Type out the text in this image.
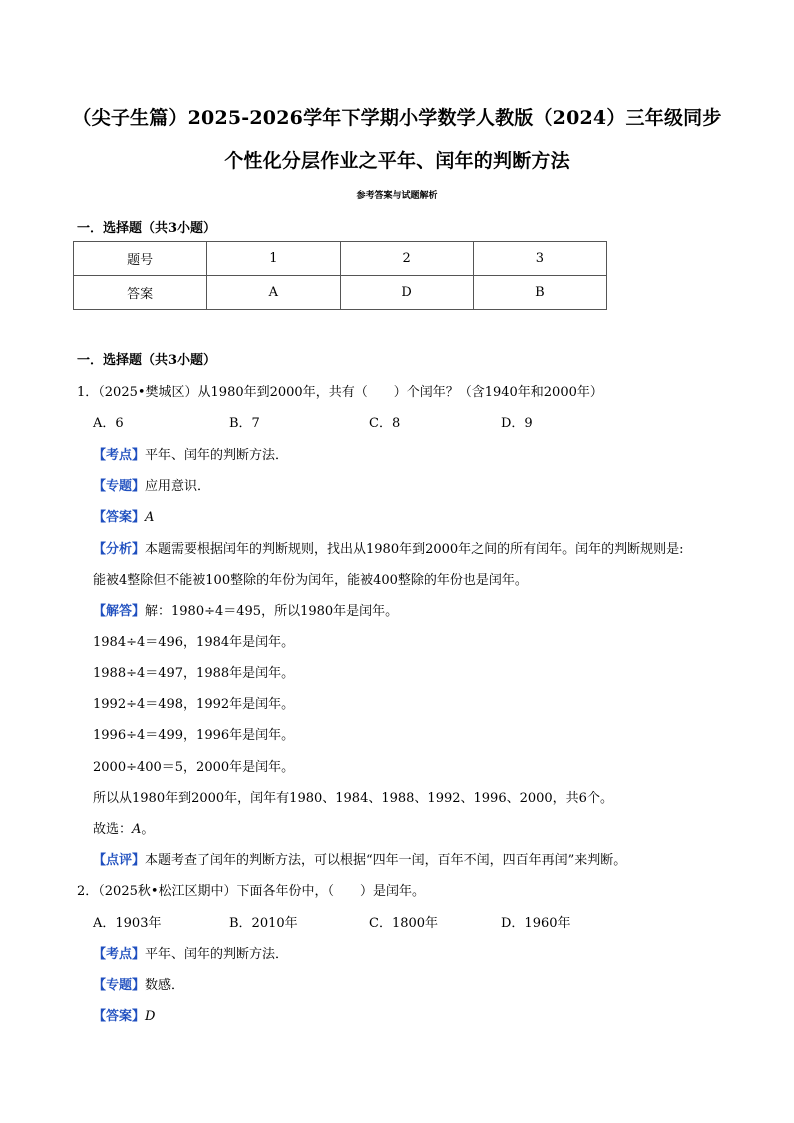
（尖子生篇）2025-2026学年下学期小学数学人教版（2024）三年级同步
个性化分层作业之平年、闰年的判断方法
参考答案与试题解析
一．选择题（共3小题）
题号	1	2	3
答案	A	D	B
一．选择题（共3小题）
1．（2025•樊城区）从1980年到2000年，共有（　　）个闰年？（含1940年和2000年）
A．6	B．7	C．8	D．9
【考点】平年、闰年的判断方法．
【专题】应用意识．
【答案】A
【分析】本题需要根据闰年的判断规则，找出从1980年到2000年之间的所有闰年。闰年的判断规则是:
能被4整除但不能被100整除的年份为闰年，能被400整除的年份也是闰年。
【解答】解：1980÷4＝495，所以1980年是闰年。
1984÷4＝496，1984年是闰年。
1988÷4＝497，1988年是闰年。
1992÷4＝498，1992年是闰年。
1996÷4＝499，1996年是闰年。
2000÷400＝5，2000年是闰年。
所以从1980年到2000年，闰年有1980、1984、1988、1992、1996、2000，共6个。
故选：A。
【点评】本题考查了闰年的判断方法，可以根据“四年一闰，百年不闰，四百年再闰”来判断。
2．（2025秋•松江区期中）下面各年份中，（　　）是闰年。
A．1903年	B．2010年	C．1800年	D．1960年
【考点】平年、闰年的判断方法．
【专题】数感．
【答案】D
